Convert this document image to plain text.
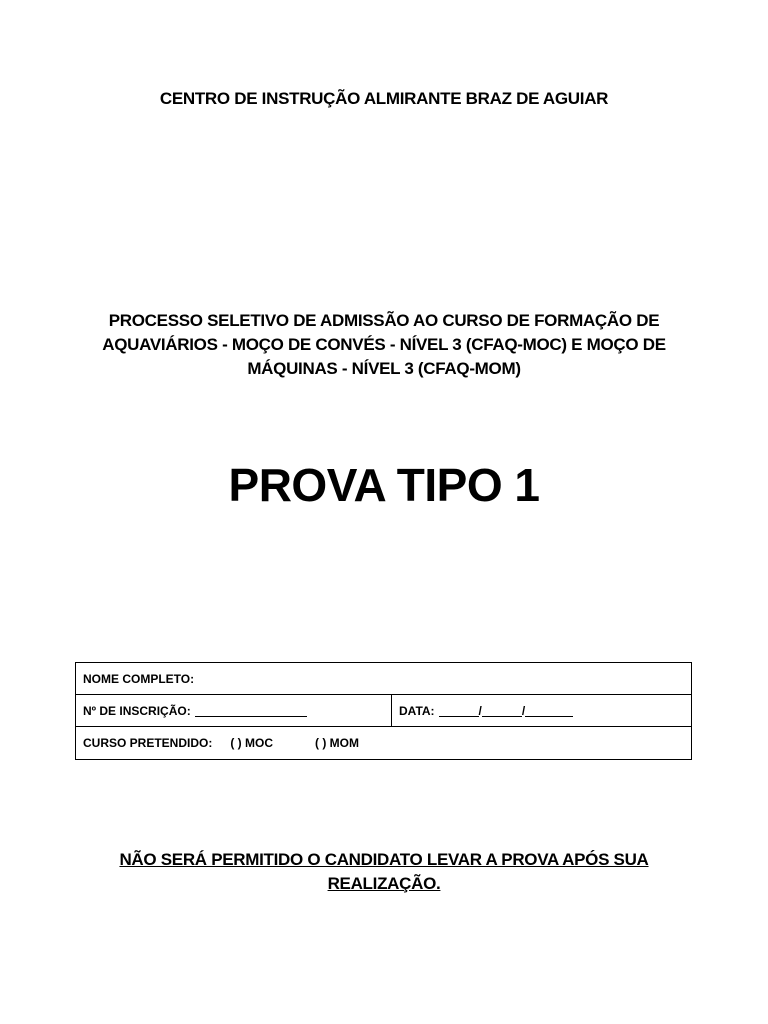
CENTRO DE INSTRUÇÃO ALMIRANTE BRAZ DE AGUIAR
PROCESSO SELETIVO DE ADMISSÃO AO CURSO DE FORMAÇÃO DE
AQUAVIÁRIOS - MOÇO DE CONVÉS - NÍVEL 3 (CFAQ-MOC) E MOÇO DE
MÁQUINAS - NÍVEL 3 (CFAQ-MOM)
PROVA TIPO 1
NOME COMPLETO:
Nº DE INSCRIÇÃO:	DATA:	/	/
CURSO PRETENDIDO: ( ) MOC	( ) MOM
NÃO SERÁ PERMITIDO O CANDIDATO LEVAR A PROVA APÓS SUA
REALIZAÇÃO.
